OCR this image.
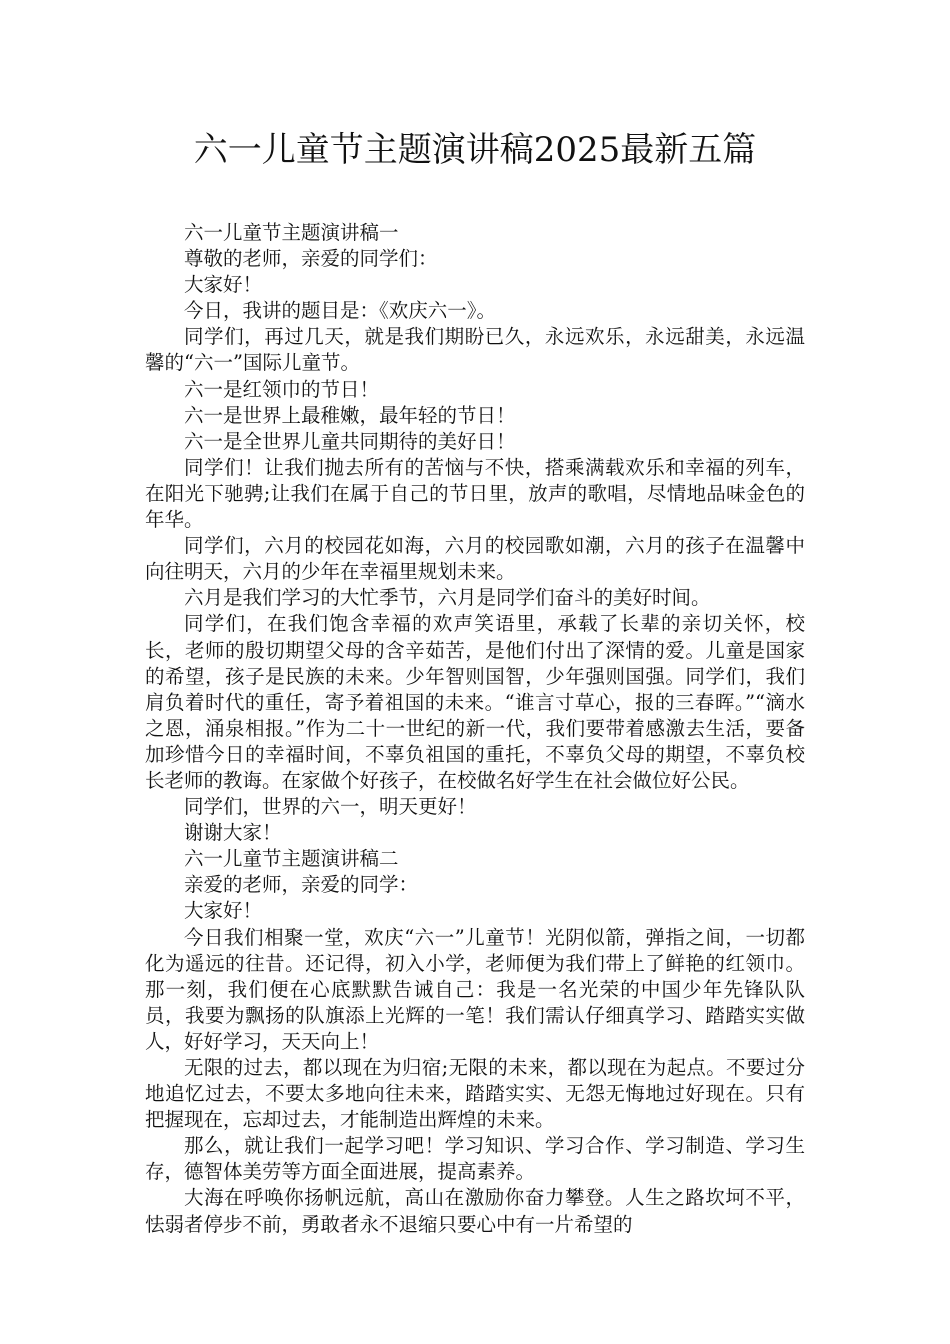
六一儿童节主题演讲稿2025最新五篇

六一儿童节主题演讲稿一

尊敬的老师，亲爱的同学们：

大家好！

今日，我讲的题目是：《欢庆六一》。

同学们，再过几天，就是我们期盼已久，永远欢乐，永远甜美，永远温馨的“六一”国际儿童节。

六一是红领巾的节日！

六一是世界上最稚嫩，最年轻的节日！

六一是全世界儿童共同期待的美好日！

同学们！让我们抛去所有的苦恼与不快，搭乘满载欢乐和幸福的列车，在阳光下驰骋;让我们在属于自己的节日里，放声的歌唱，尽情地品味金色的年华。

同学们，六月的校园花如海，六月的校园歌如潮，六月的孩子在温馨中向往明天，六月的少年在幸福里规划未来。

六月是我们学习的大忙季节，六月是同学们奋斗的美好时间。

同学们，在我们饱含幸福的欢声笑语里，承载了长辈的亲切关怀，校长，老师的殷切期望父母的含辛茹苦，是他们付出了深情的爱。儿童是国家的希望，孩子是民族的未来。少年智则国智，少年强则国强。同学们，我们肩负着时代的重任，寄予着祖国的未来。“谁言寸草心，报的三春晖。”“滴水之恩，涌泉相报。”作为二十一世纪的新一代，我们要带着感激去生活，要备加珍惜今日的幸福时间，不辜负祖国的重托，不辜负父母的期望，不辜负校长老师的教诲。在家做个好孩子，在校做名好学生在社会做位好公民。

同学们，世界的六一，明天更好！

谢谢大家！

六一儿童节主题演讲稿二

亲爱的老师，亲爱的同学：

大家好！

今日我们相聚一堂，欢庆“六一”儿童节！光阴似箭，弹指之间，一切都化为遥远的往昔。还记得，初入小学，老师便为我们带上了鲜艳的红领巾。那一刻，我们便在心底默默告诫自己：我是一名光荣的中国少年先锋队队员，我要为飘扬的队旗添上光辉的一笔！我们需认仔细真学习、踏踏实实做人，好好学习，天天向上！

无限的过去，都以现在为归宿;无限的未来，都以现在为起点。不要过分地追忆过去，不要太多地向往未来，踏踏实实、无怨无悔地过好现在。只有把握现在，忘却过去，才能制造出辉煌的未来。

那么，就让我们一起学习吧！学习知识、学习合作、学习制造、学习生存，德智体美劳等方面全面进展，提高素养。

大海在呼唤你扬帆远航，高山在激励你奋力攀登。人生之路坎坷不平，怯弱者停步不前，勇敢者永不退缩只要心中有一片希望的
